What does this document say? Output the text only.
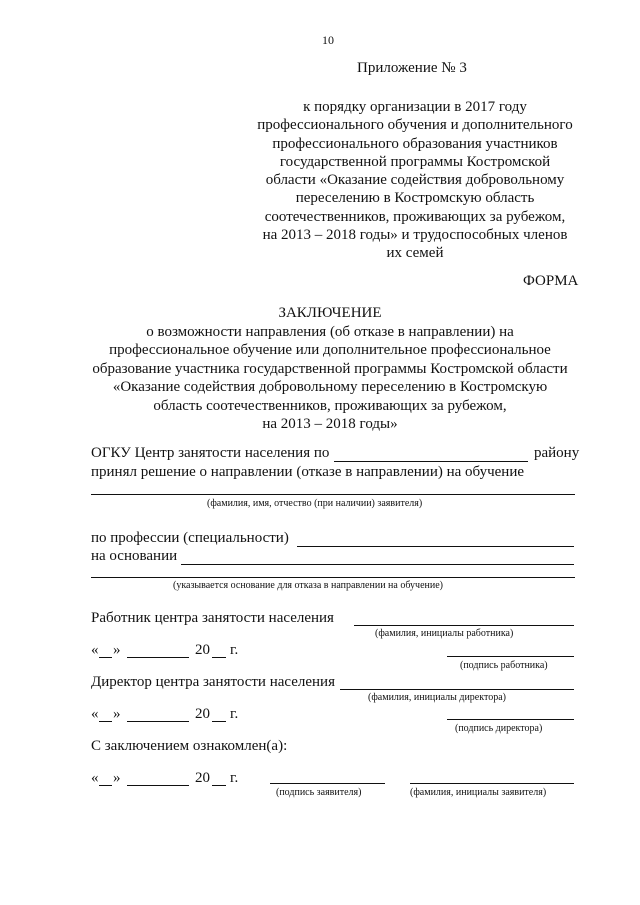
10
Приложение № 3
к порядку организации в 2017 году
профессионального обучения и дополнительного
профессионального образования участников
государственной программы Костромской
области «Оказание содействия добровольному
переселению в Костромскую область
соотечественников, проживающих за рубежом,
на 2013 – 2018 годы» и трудоспособных членов
их семей
ФОРМА
ЗАКЛЮЧЕНИЕ
о возможности направления (об отказе в направлении) на
профессиональное обучение или дополнительное профессиональное
образование участника государственной программы Костромской области
«Оказание содействия добровольному переселению в Костромскую
область соотечественников, проживающих за рубежом,
на 2013 – 2018 годы»
ОГКУ Центр занятости населения по	району
принял решение о направлении (отказе в направлении) на обучение
(фамилия, имя, отчество (при наличии) заявителя)
по профессии (специальности)
на основании
(указывается основание для отказа в направлении на обучение)
Работник центра занятости населения
(фамилия, инициалы работника)
« »	20 г.
(подпись работника)
Директор центра занятости населения
(фамилия, инициалы директора)
« »	20 г.
(подпись директора)
С заключением ознакомлен(а):
« »	20 г.
(подпись заявителя)	(фамилия, инициалы заявителя)
